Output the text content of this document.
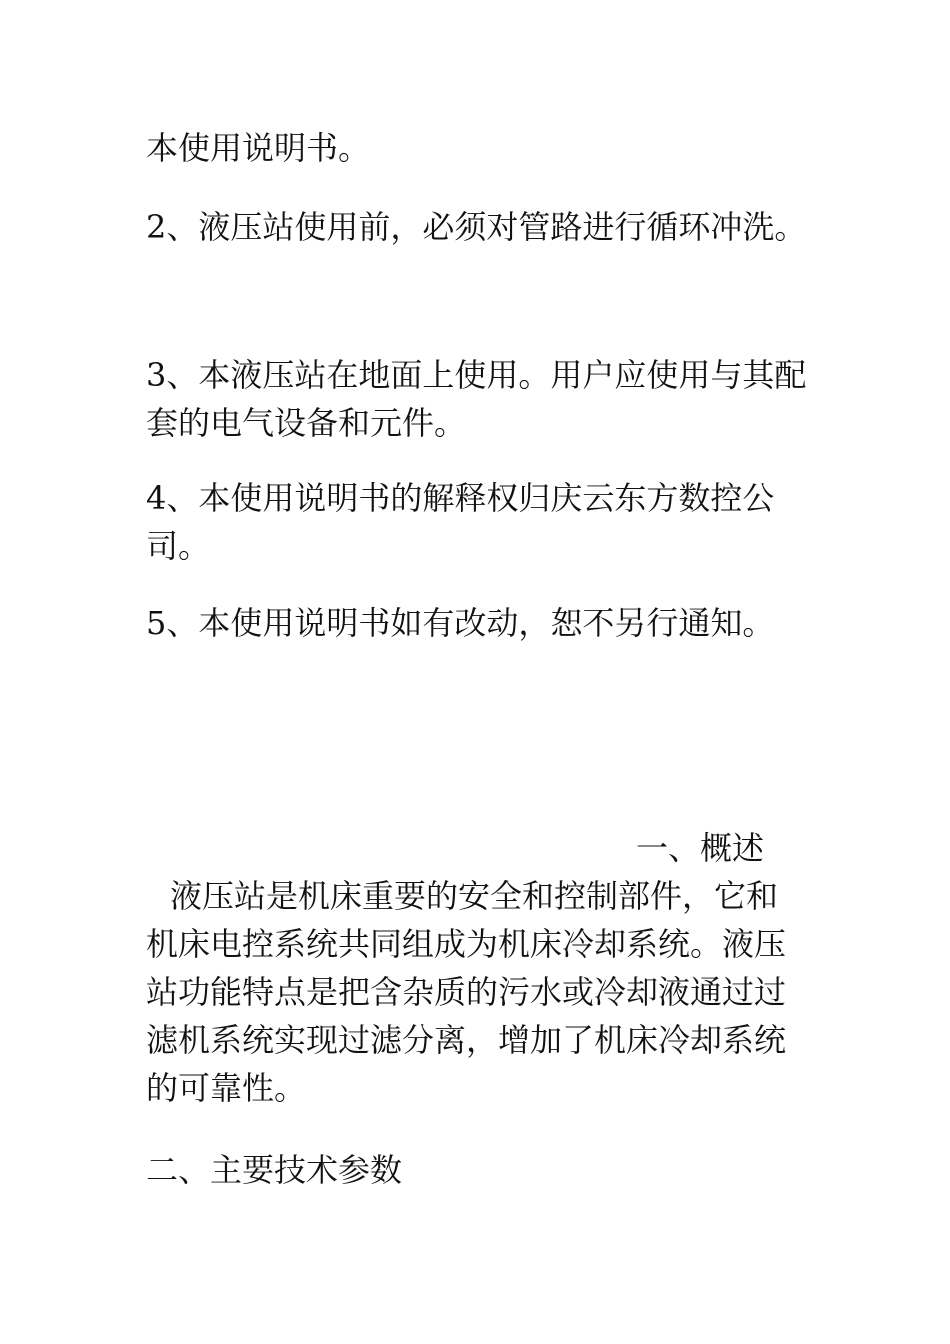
本使用说明书。

2、液压站使用前，必须对管路进行循环冲洗。

3、本液压站在地面上使用。用户应使用与其配套的电气设备和元件。

4、本使用说明书的解释权归庆云东方数控公司。

5、本使用说明书如有改动，恕不另行通知。

一、概述

液压站是机床重要的安全和控制部件，它和机床电控系统共同组成为机床冷却系统。液压站功能特点是把含杂质的污水或冷却液通过过滤机系统实现过滤分离，增加了机床冷却系统的可靠性。

二、主要技术参数
